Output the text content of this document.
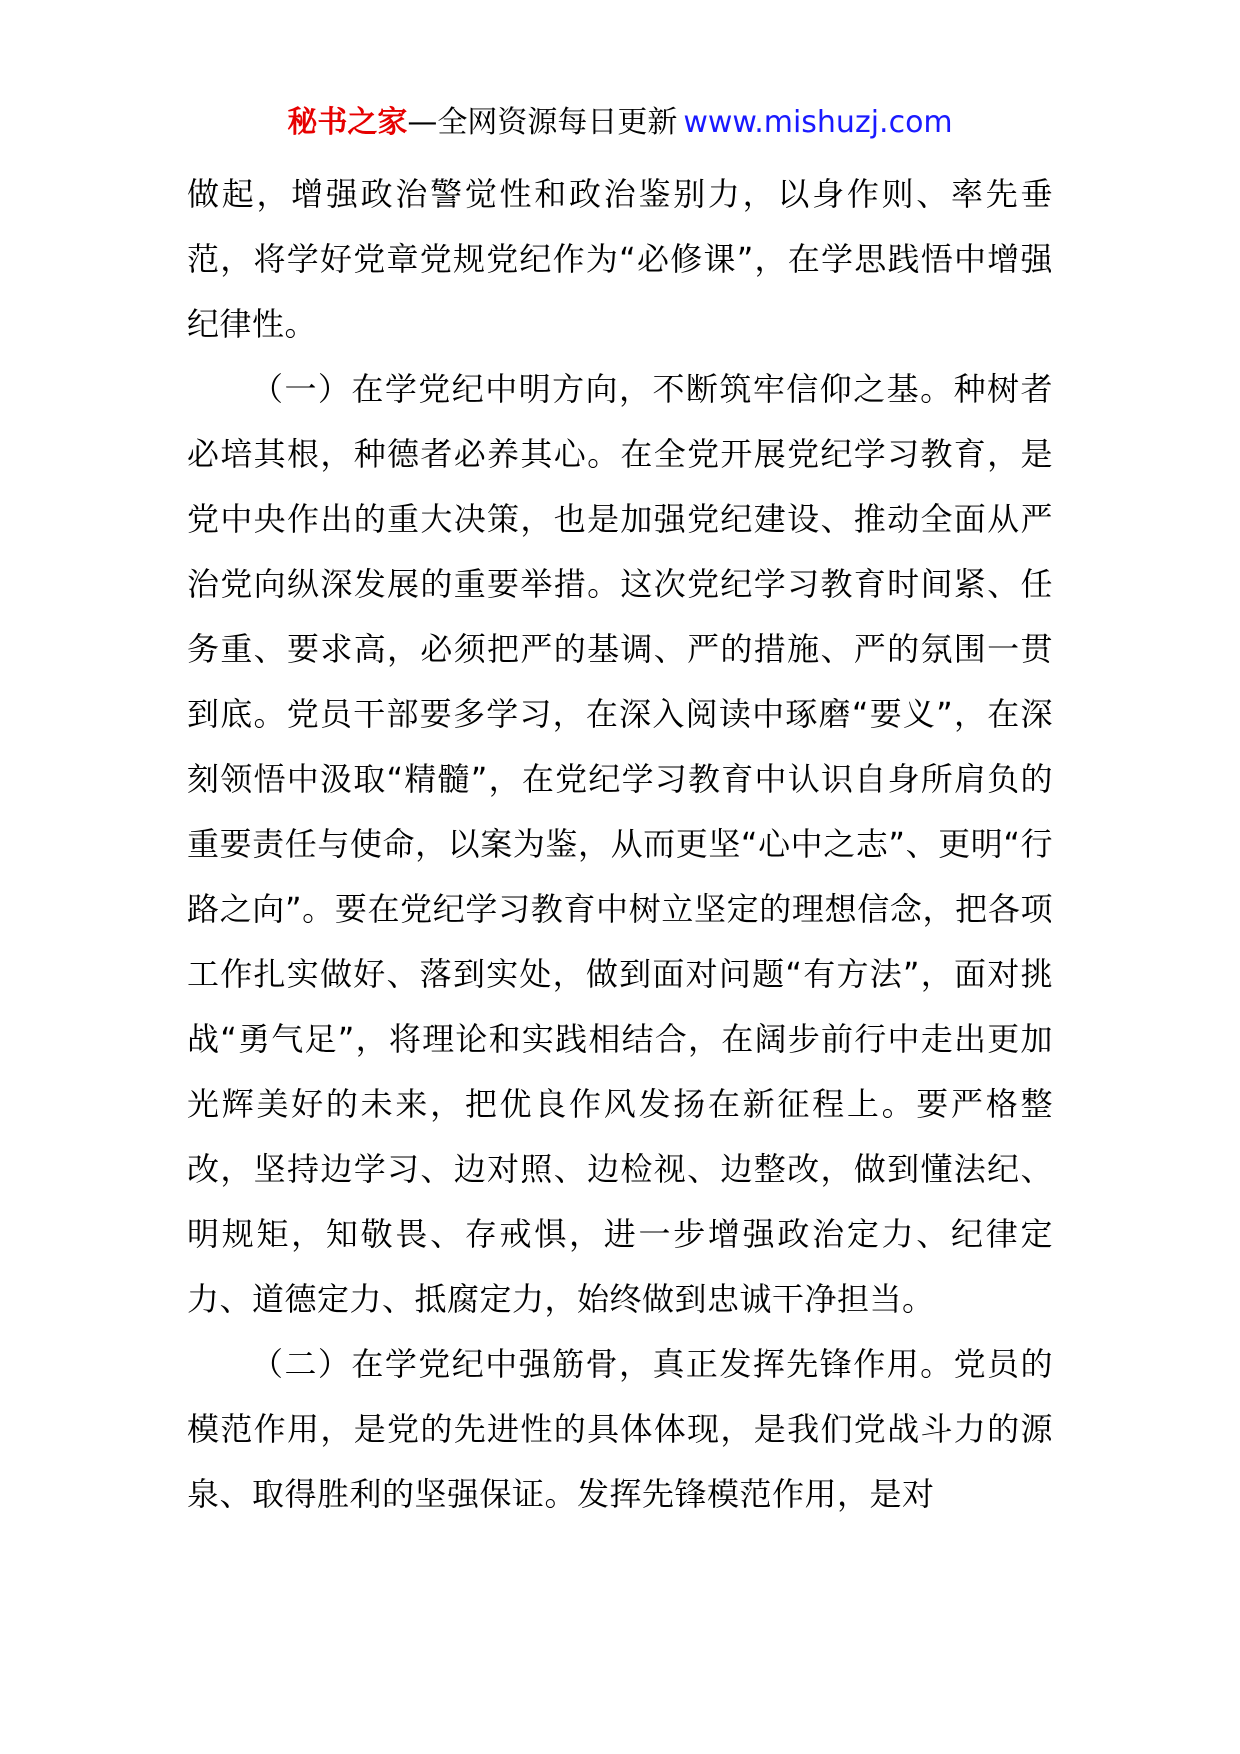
秘书之家—全网资源每日更新 www.mishuzj.com

做起，增强政治警觉性和政治鉴别力，以身作则、率先垂范，将学好党章党规党纪作为“必修课”，在学思践悟中增强纪律性。

（一）在学党纪中明方向，不断筑牢信仰之基。种树者必培其根，种德者必养其心。在全党开展党纪学习教育，是党中央作出的重大决策，也是加强党纪建设、推动全面从严治党向纵深发展的重要举措。这次党纪学习教育时间紧、任务重、要求高，必须把严的基调、严的措施、严的氛围一贯到底。党员干部要多学习，在深入阅读中琢磨“要义”，在深刻领悟中汲取“精髓”，在党纪学习教育中认识自身所肩负的重要责任与使命，以案为鉴，从而更坚“心中之志”、更明“行路之向”。要在党纪学习教育中树立坚定的理想信念，把各项工作扎实做好、落到实处，做到面对问题“有方法”，面对挑战“勇气足”，将理论和实践相结合，在阔步前行中走出更加光辉美好的未来，把优良作风发扬在新征程上。要严格整改，坚持边学习、边对照、边检视、边整改，做到懂法纪、明规矩，知敬畏、存戒惧，进一步增强政治定力、纪律定力、道德定力、抵腐定力，始终做到忠诚干净担当。

（二）在学党纪中强筋骨，真正发挥先锋作用。党员的模范作用，是党的先进性的具体体现，是我们党战斗力的源泉、取得胜利的坚强保证。发挥先锋模范作用，是对
